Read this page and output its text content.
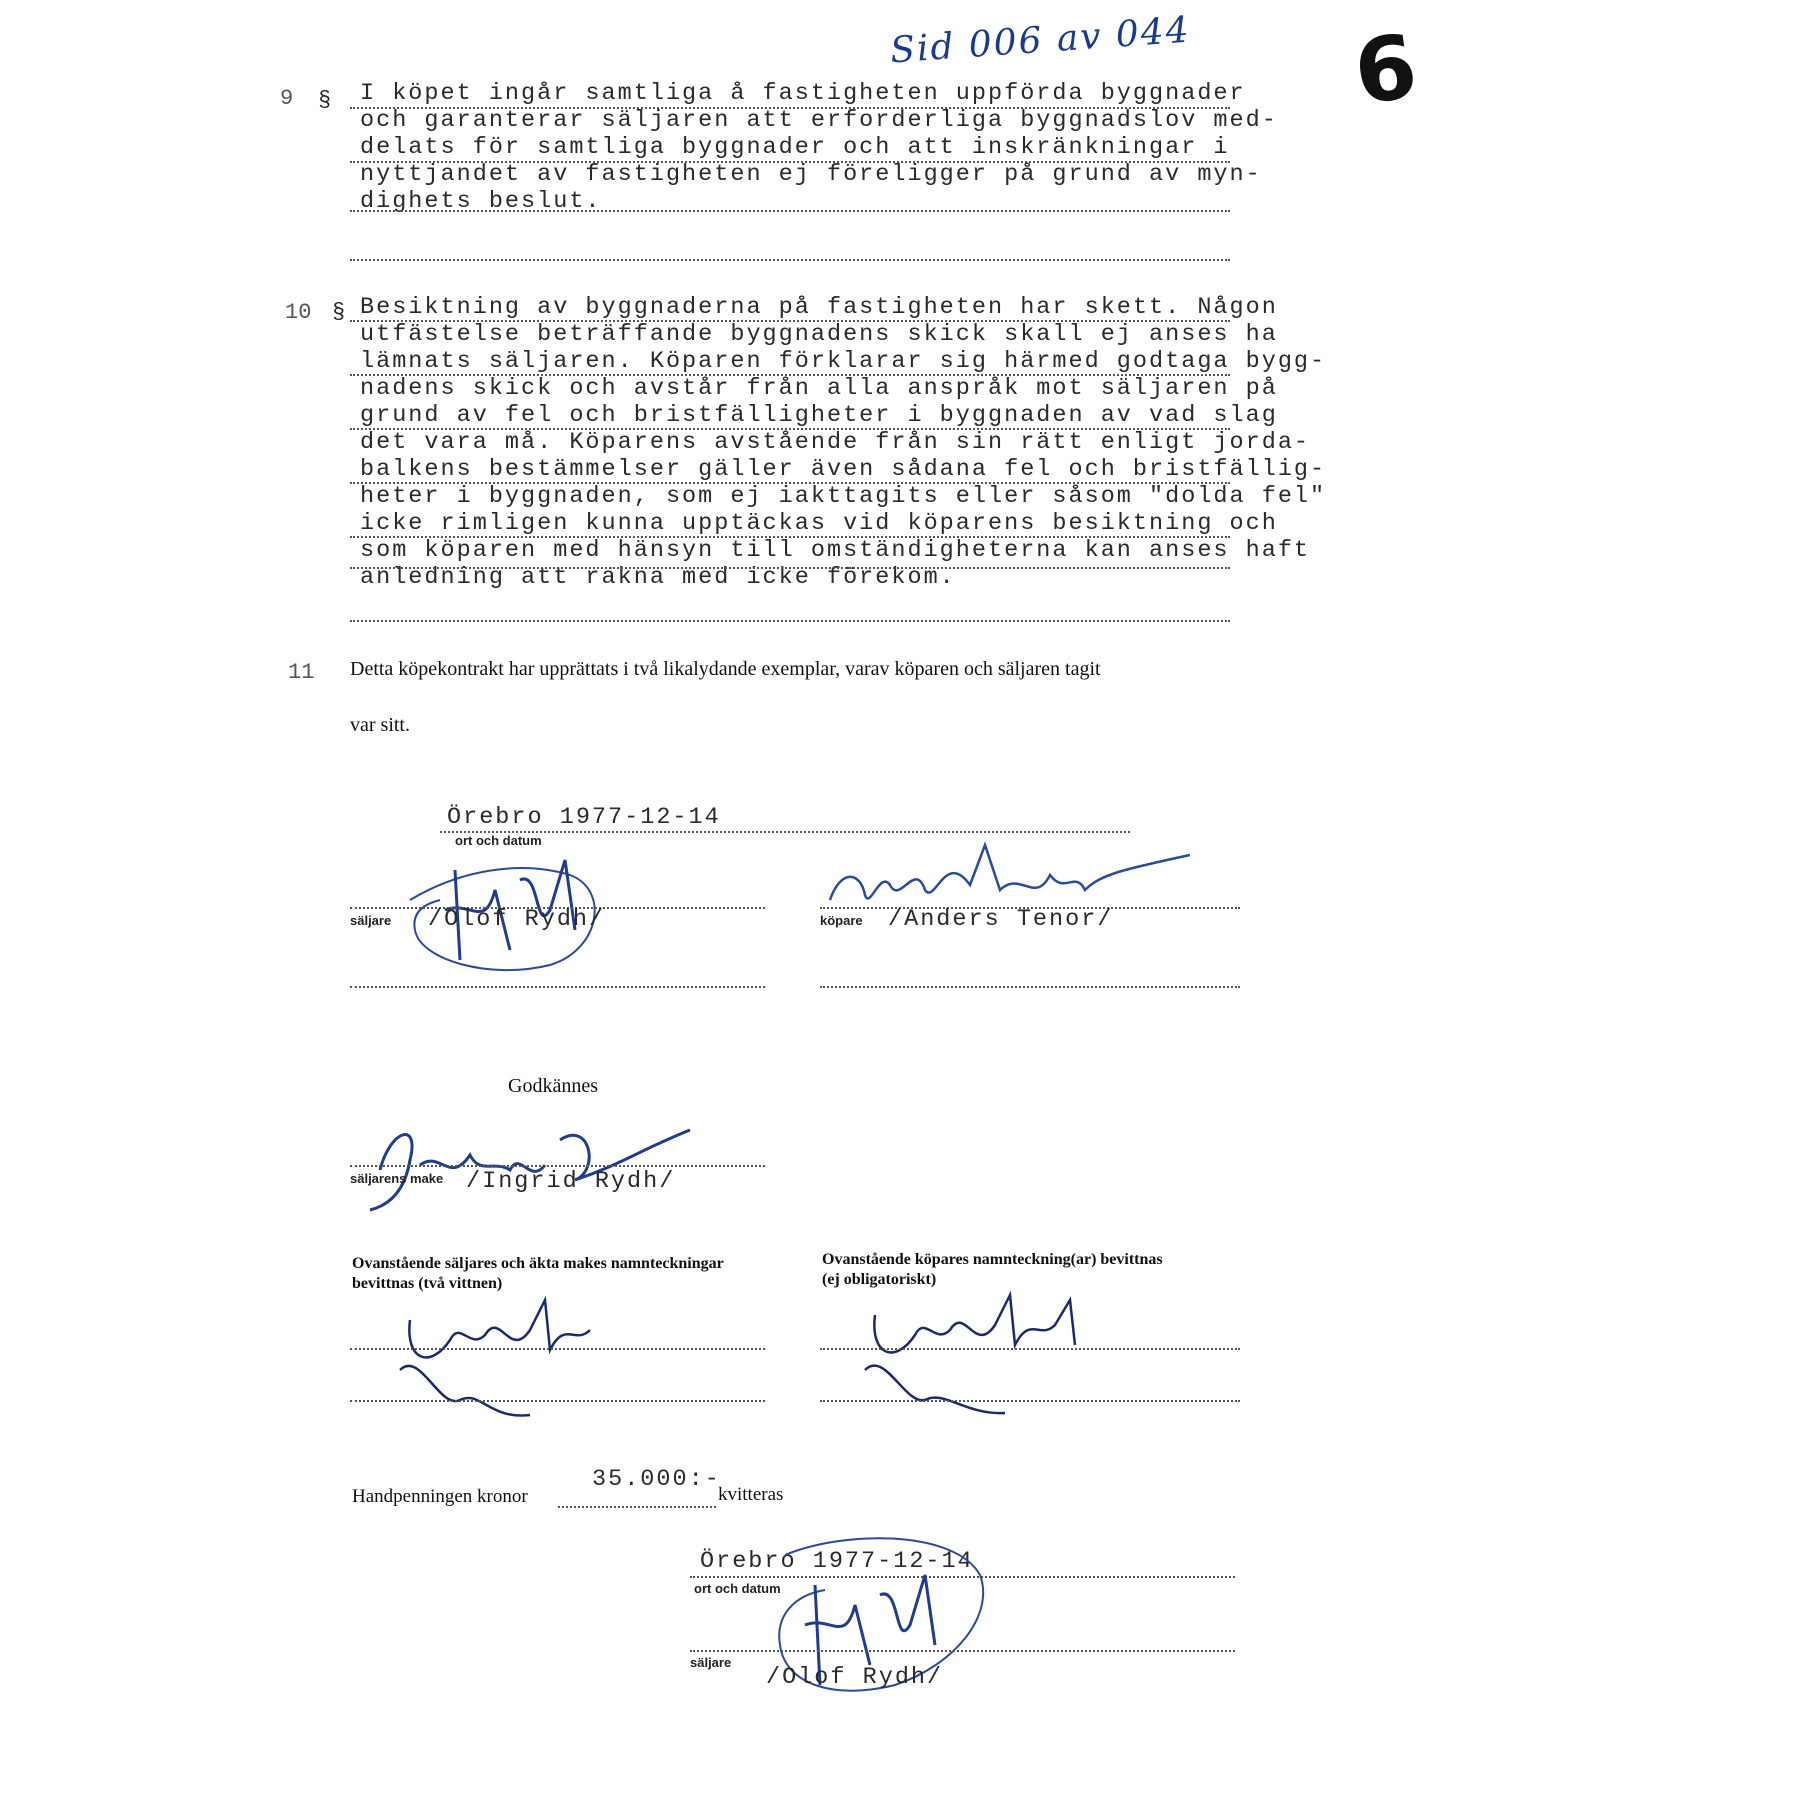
Sid 006 av 044 6
9 § I köpet ingår samtliga å fastigheten uppförda byggnader
och garanterar säljaren att erforderliga byggnadslov med-
delats för samtliga byggnader och att inskränkningar i
nyttjandet av fastigheten ej föreligger på grund av myn-
dighets beslut.
10 § Besiktning av byggnaderna på fastigheten har skett. Någon
utfästelse beträffande byggnadens skick skall ej anses ha
lämnats säljaren. Köparen förklarar sig härmed godtaga bygg-
nadens skick och avstår från alla anspråk mot säljaren på
grund av fel och bristfälligheter i byggnaden av vad slag
det vara må. Köparens avstående från sin rätt enligt jorda-
balkens bestämmelser gäller även sådana fel och bristfällig-
heter i byggnaden, som ej iakttagits eller såsom "dolda fel"
icke rimligen kunna upptäckas vid köparens besiktning och
som köparen med hänsyn till omständigheterna kan anses haft
anledning att räkna med icke förekom.
11 Detta köpekontrakt har upprättats i två likalydande exemplar, varav köparen och säljaren tagit
var sitt.
Örebro 1977-12-14
ort och datum
säljare /Olof Rydh/	köpare /Anders Tenor/
Godkännes
säljarens make /Ingrid Rydh/
Ovanstående säljares och äkta makes namnteckningar
bevittnas (två vittnen)
Ovanstående köpares namnteckning(ar) bevittnas
(ej obligatoriskt)
Handpenningen kronor
35.000:-
kvitteras
Örebro 1977-12-14
ort och datum
säljare
/Olof Rydh/
